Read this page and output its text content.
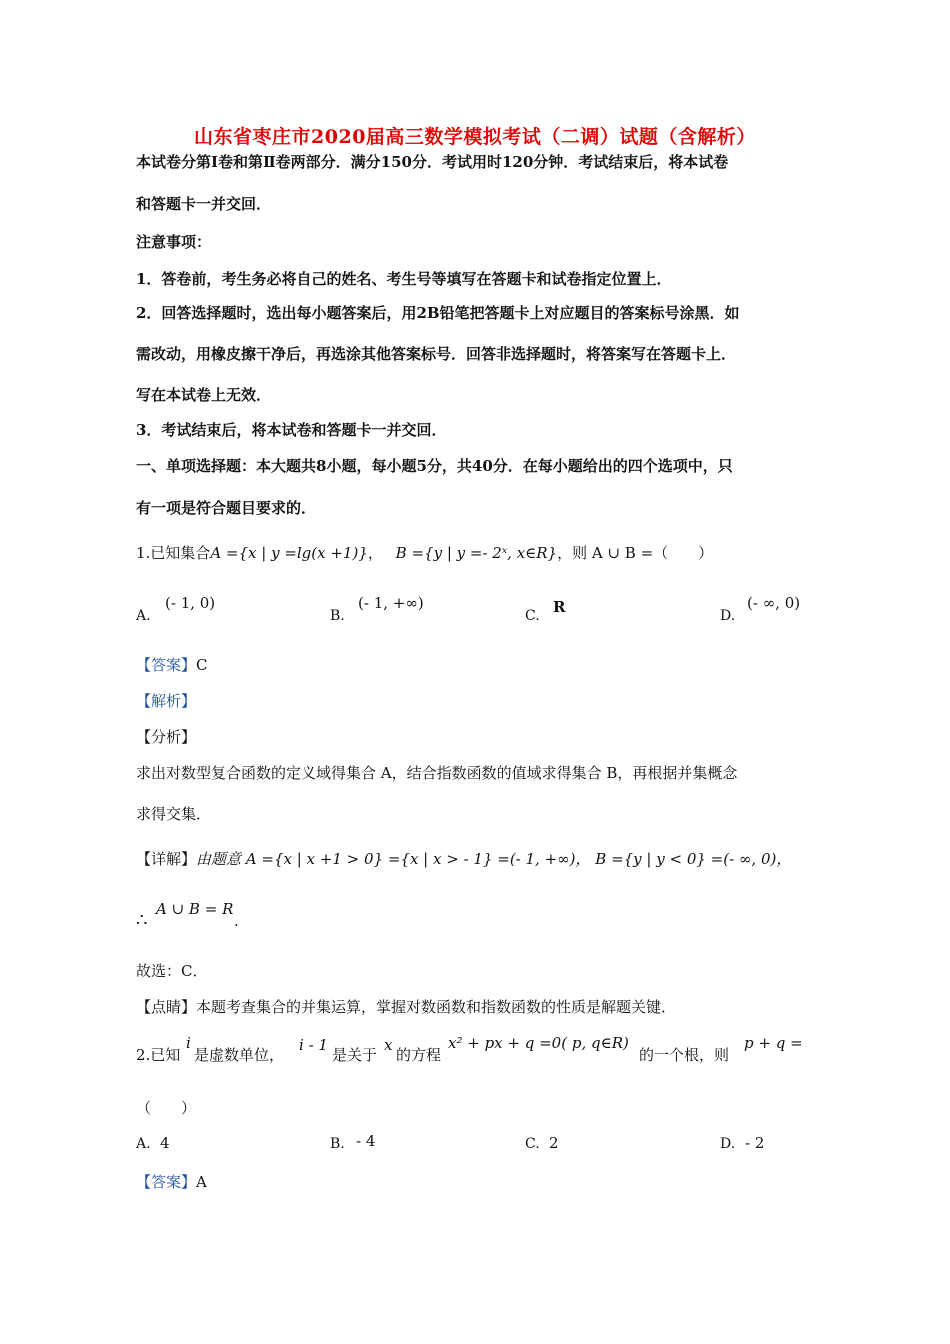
山东省枣庄市2020届高三数学模拟考试（二调）试题（含解析）
本试卷分第Ⅰ卷和第Ⅱ卷两部分．满分150分．考试用时120分钟．考试结束后，将本试卷
和答题卡一并交回．
注意事项：
1．答卷前，考生务必将自己的姓名、考生号等填写在答题卡和试卷指定位置上．
2．回答选择题时，选出每小题答案后，用2B铅笔把答题卡上对应题目的答案标号涂黑．如
需改动，用橡皮擦干净后，再选涂其他答案标号．回答非选择题时，将答案写在答题卡上．
写在本试卷上无效．
3．考试结束后，将本试卷和答题卡一并交回．
一、单项选择题：本大题共8小题，每小题5分，共40分．在每小题给出的四个选项中，只
有一项是符合题目要求的．
1.已知集合A ={x | y =lg(x +1)}， B ={y | y =- 2ˣ, x∈R}，则 A ∪ B =（　　）
A.
(- 1, 0)
B.
(- 1, +∞)
C. R	D.
(- ∞, 0)
【答案】C
【解析】
【分析】
求出对数型复合函数的定义域得集合 A，结合指数函数的值域求得集合 B，再根据并集概念
求得交集．
【详解】由题意 A ={x | x +1 > 0} ={x | x > - 1} =(- 1, +∞)， B ={y | y < 0} =(- ∞, 0)，
∴
A ∪ B = R
.
故选：C．
【点睛】本题考查集合的并集运算，掌握对数函数和指数函数的性质是解题关键．
2.已知
i
是虚数单位，
i - 1
是关于
x
的方程
x² + px + q =0( p, q∈R)
的一个根，则
p + q =
（　　）
A. 4	B. - 4	C. 2	D. - 2
【答案】A
